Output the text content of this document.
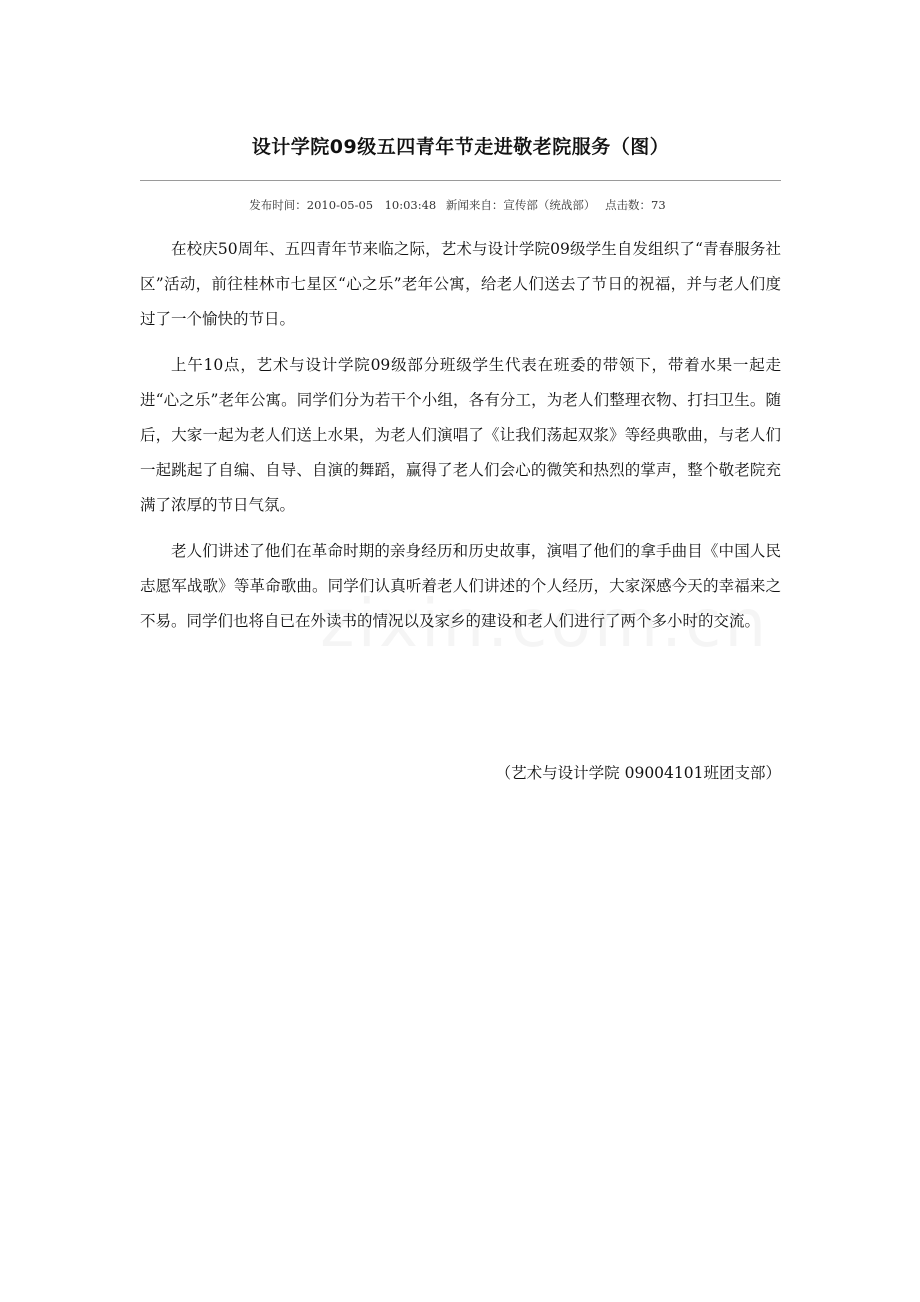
设计学院09级五四青年节走进敬老院服务（图）
发布时间：2010-05-05　10:03:48 新闻来自：宣传部（统战部） 点击数：73

在校庆50周年、五四青年节来临之际，艺术与设计学院09级学生自发组织了“青春服务社区”活动，前往桂林市七星区“心之乐”老年公寓，给老人们送去了节日的祝福，并与老人们度过了一个愉快的节日。

上午10点，艺术与设计学院09级部分班级学生代表在班委的带领下，带着水果一起走进“心之乐”老年公寓。同学们分为若干个小组，各有分工，为老人们整理衣物、打扫卫生。随后，大家一起为老人们送上水果，为老人们演唱了《让我们荡起双浆》等经典歌曲，与老人们一起跳起了自编、自导、自演的舞蹈，赢得了老人们会心的微笑和热烈的掌声，整个敬老院充满了浓厚的节日气氛。

老人们讲述了他们在革命时期的亲身经历和历史故事，演唱了他们的拿手曲目《中国人民志愿军战歌》等革命歌曲。同学们认真听着老人们讲述的个人经历，大家深感今天的幸福来之不易。同学们也将自已在外读书的情况以及家乡的建设和老人们进行了两个多小时的交流。

（艺术与设计学院 09004101班团支部）
